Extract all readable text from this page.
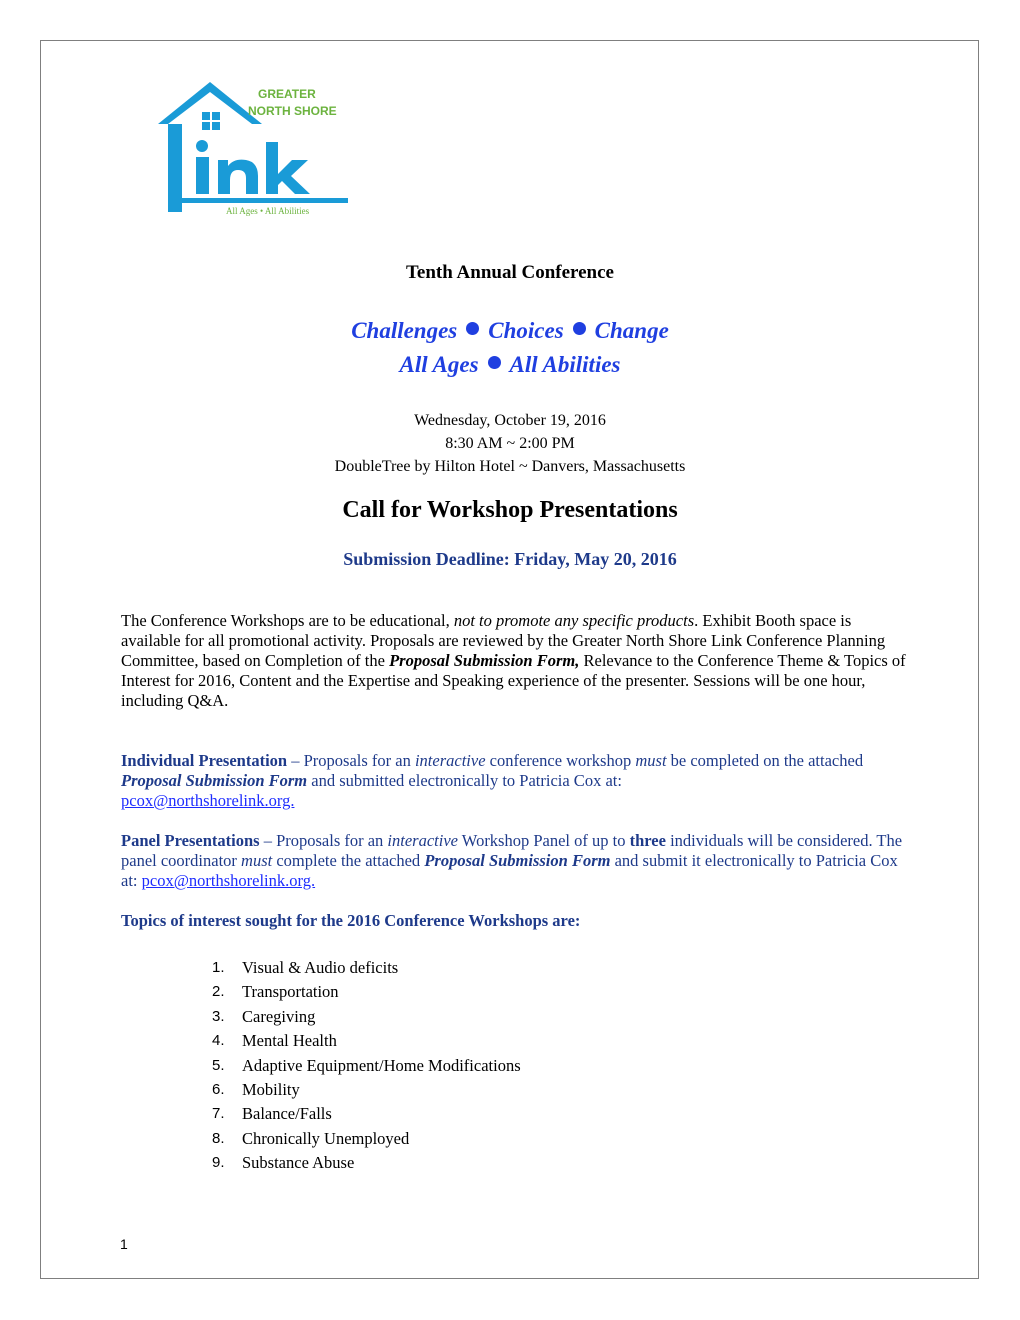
GREATER
NORTH SHORE
All Ages • All Abilities
Tenth Annual Conference
Challenges Choices Change
All Ages All Abilities
Wednesday, October 19, 2016
8:30 AM ~ 2:00 PM
DoubleTree by Hilton Hotel ~ Danvers, Massachusetts
Call for Workshop Presentations
Submission Deadline: Friday, May 20, 2016

The Conference Workshops are to be educational, not to promote any specific products. Exhibit Booth space is available for all promotional activity. Proposals are reviewed by the Greater North Shore Link Conference Planning Committee, based on Completion of the Proposal Submission Form, Relevance to the Conference Theme & Topics of Interest for 2016, Content and the Expertise and Speaking experience of the presenter. Sessions will be one hour, including Q&A.

Individual Presentation – Proposals for an interactive conference workshop must be completed on the attached Proposal Submission Form and submitted electronically to Patricia Cox at:
pcox@northshorelink.org.

Panel Presentations – Proposals for an interactive Workshop Panel of up to three individuals will be considered. The panel coordinator must complete the attached Proposal Submission Form and submit it electronically to Patricia Cox at: pcox@northshorelink.org.

Topics of interest sought for the 2016 Conference Workshops are:
1.	Visual & Audio deficits
2.	Transportation
3.	Caregiving
4.	Mental Health
5.	Adaptive Equipment/Home Modifications
6.	Mobility
7.	Balance/Falls
8.	Chronically Unemployed
9.	Substance Abuse
1
